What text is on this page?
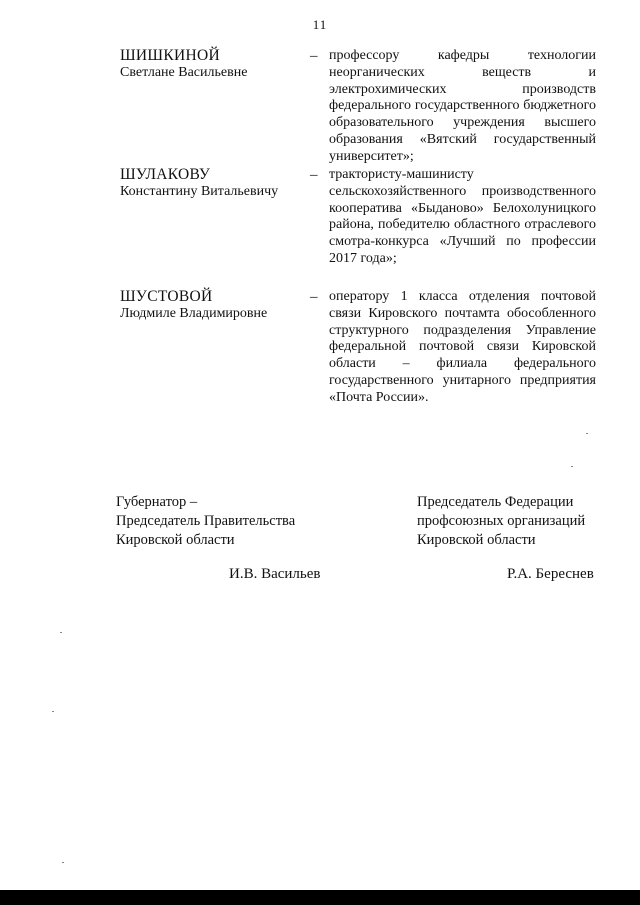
11
ШИШКИНОЙ
Светлане Васильевне
– профессору кафедры технологии неорганических веществ и электрохимических производств федерального государственного бюджетного образовательного учреждения высшего образования «Вятский государственный университет»;
ШУЛАКОВУ
Константину Витальевичу
– трактористу-машинисту сельскохозяйственного производственного кооператива «Быданово» Белохолуницкого района, победителю областного отраслевого смотра-конкурса «Лучший по профессии 2017 года»;
ШУСТОВОЙ
Людмиле Владимировне
– оператору 1 класса отделения почтовой связи Кировского почтамта обособленного структурного подразделения Управление федеральной почтовой связи Кировской области – филиала федерального государственного унитарного предприятия «Почта России».
Губернатор –
Председатель Правительства
Кировской области
Председатель Федерации
профсоюзных организаций
Кировской области
И.В. Васильев	Р.А. Береснев
